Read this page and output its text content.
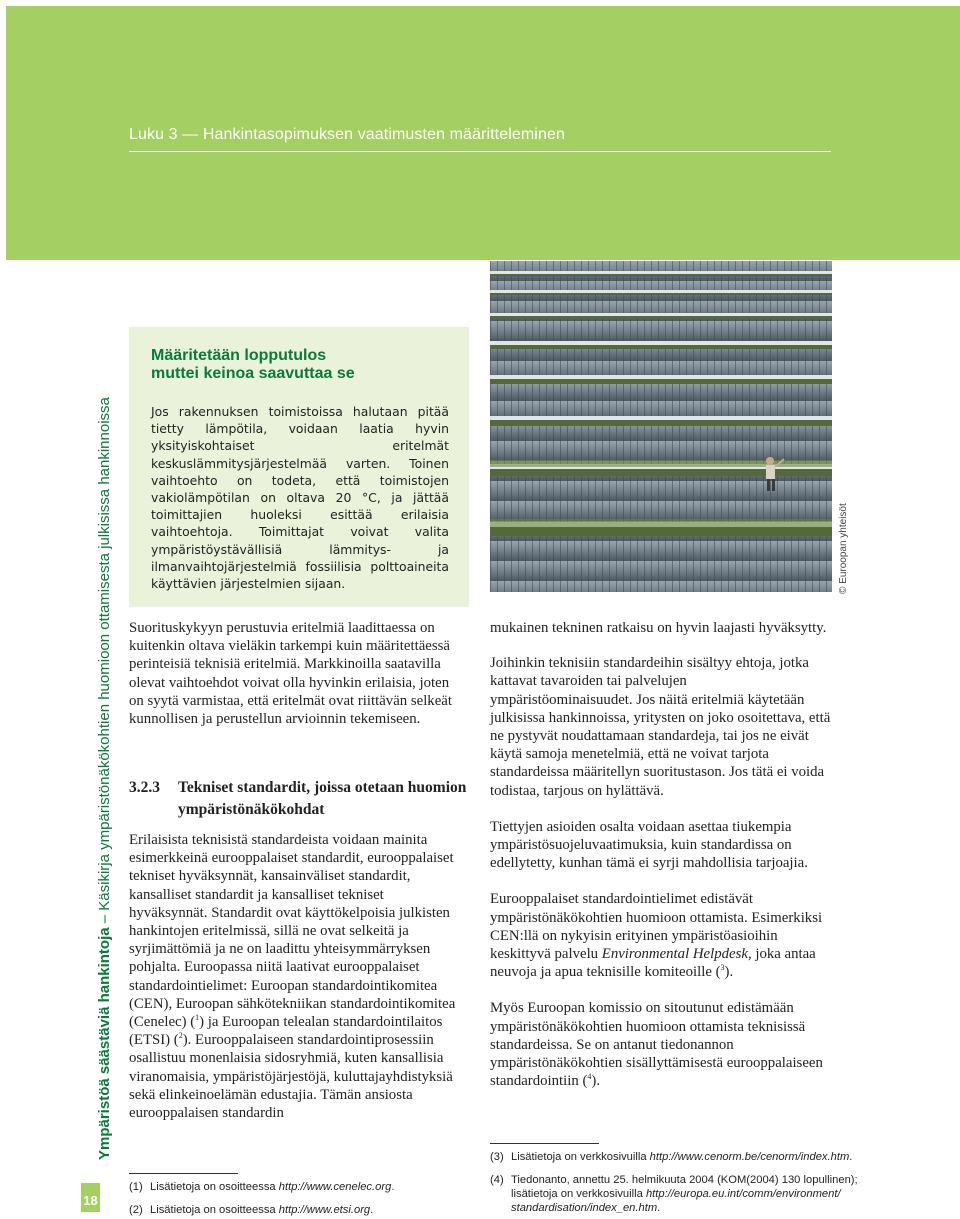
Luku 3 — Hankintasopimuksen vaatimusten määritteleminen
Ympäristöä säästäviä hankintoja – Käsikirja ympäristönäkökohtien huomioon ottamisesta julkisissa hankinnoissa
18
Määritetään lopputulos
muttei keinoa saavuttaa se
Jos rakennuksen toimistoissa halutaan pitää tietty lämpötila, voidaan laatia hyvin yksityiskohtaiset eritelmät keskuslämmitysjärjestelmää varten. Toinen vaihtoehto on todeta, että toimistojen vakiolämpötilan on oltava 20 °C, ja jättää toimittajien huoleksi esittää erilaisia vaihtoehtoja. Toimittajat voivat valita ympäristöystävällisiä lämmitys- ja ilmanvaihtojärjestelmiä fossiilisia polttoaineita käyttävien järjestelmien sijaan.	© Euroopan yhteisöt

Suorituskykyyn perustuvia eritelmiä laadittaessa on kuitenkin oltava vieläkin tarkempi kuin määritettäessä perinteisiä teknisiä eritelmiä. Markkinoilla saatavilla olevat vaihtoehdot voivat olla hyvinkin erilaisia, joten on syytä varmistaa, että eritelmät ovat riittävän selkeät kunnollisen ja perustellun arvioinnin tekemiseen.

3.2.3 Tekniset standardit, joissa otetaan huomion ympäristönäkökohdat

Erilaisista teknisistä standardeista voidaan mainita esimerkkeinä eurooppalaiset standardit, eurooppalaiset tekniset hyväksynnät, kansainväliset standardit, kansalliset standardit ja kansalliset tekniset hyväksynnät. Standardit ovat käyttökelpoisia julkisten hankintojen eritelmissä, sillä ne ovat selkeitä ja syrjimättömiä ja ne on laadittu yhteisymmärryksen pohjalta. Euroopassa niitä laativat eurooppalaiset standardointielimet: Euroopan standardointikomitea (CEN), Euroopan sähkötekniikan standardointikomitea (Cenelec) ($^1$) ja Euroopan telealan standardointilaitos (ETSI) ($^2$). Eurooppalaiseen standardointiprosessiin osallistuu monenlaisia sidosryhmiä, kuten kansallisia viranomaisia, ympäristöjärjestöjä, kuluttajayhdistyksiä sekä elinkeinoelämän edustajia. Tämän ansiosta eurooppalaisen standardin

mukainen tekninen ratkaisu on hyvin laajasti hyväksytty.

Joihinkin teknisiin standardeihin sisältyy ehtoja, jotka kattavat tavaroiden tai palvelujen ympäristöominaisuudet. Jos näitä eritelmiä käytetään julkisissa hankinnoissa, yritysten on joko osoitettava, että ne pystyvät noudattamaan standardeja, tai jos ne eivät käytä samoja menetelmiä, että ne voivat tarjota standardeissa määritellyn suoritustason. Jos tätä ei voida todistaa, tarjous on hylättävä.

Tiettyjen asioiden osalta voidaan asettaa tiukempia ympäristösuojeluvaatimuksia, kuin standardissa on edellytetty, kunhan tämä ei syrji mahdollisia tarjoajia.

Eurooppalaiset standardointielimet edistävät ympäristönäkökohtien huomioon ottamista. Esimerkiksi CEN:llä on nykyisin erityinen ympäristöasioihin keskittyvä palvelu Environmental Helpdesk, joka antaa neuvoja ja apua teknisille komiteoille ($^3$).

Myös Euroopan komissio on sitoutunut edistämään ympäristönäkökohtien huomioon ottamista teknisissä standardeissa. Se on antanut tiedonannon ympäristönäkökohtien sisällyttämisestä eurooppalaiseen standardointiin ($^4$).

(1) Lisätietoja on osoitteessa http://www.cenelec.org.
(2) Lisätietoja on osoitteessa http://www.etsi.org.
(3) Lisätietoja on verkkosivuilla http://www.cenorm.be/cenorm/index.htm.
(4) Tiedonanto, annettu 25. helmikuuta 2004 (KOM(2004) 130 lopullinen);
lisätietoja on verkkosivuilla http://europa.eu.int/comm/environment/
standardisation/index_en.htm.
